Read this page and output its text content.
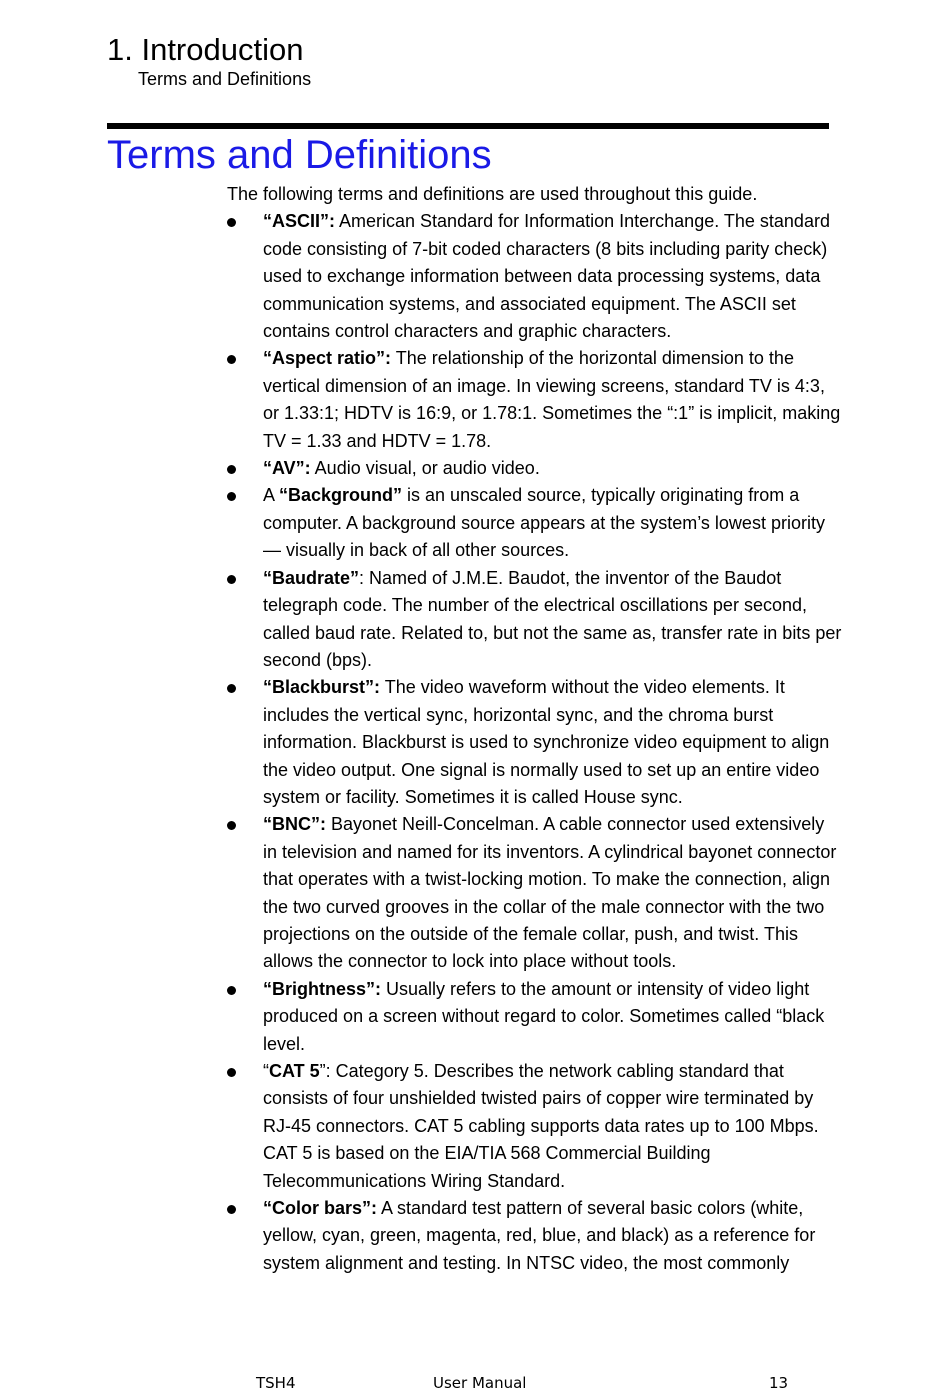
1. Introduction
Terms and Definitions
Terms and Definitions

The following terms and definitions are used throughout this guide.

“ASCII”: American Standard for Information Interchange. The standard code consisting of 7-bit coded characters (8 bits including parity check) used to exchange information between data processing systems, data communication systems, and associated equipment. The ASCII set contains control characters and graphic characters.
“Aspect ratio”: The relationship of the horizontal dimension to the vertical dimension of an image. In viewing screens, standard TV is 4:3, or 1.33:1; HDTV is 16:9, or 1.78:1. Sometimes the “:1” is implicit, making TV = 1.33 and HDTV = 1.78.
“AV”: Audio visual, or audio video.
A “Background” is an unscaled source, typically originating from a computer. A background source appears at the system’s lowest priority — visually in back of all other sources.
“Baudrate”: Named of J.M.E. Baudot, the inventor of the Baudot telegraph code. The number of the electrical oscillations per second, called baud rate. Related to, but not the same as, transfer rate in bits per second (bps).
“Blackburst”: The video waveform without the video elements. It includes the vertical sync, horizontal sync, and the chroma burst information. Blackburst is used to synchronize video equipment to align the video output. One signal is normally used to set up an entire video system or facility. Sometimes it is called House sync.
“BNC”: Bayonet Neill-Concelman. A cable connector used extensively in television and named for its inventors. A cylindrical bayonet connector that operates with a twist-locking motion. To make the connection, align the two curved grooves in the collar of the male connector with the two projections on the outside of the female collar, push, and twist. This allows the connector to lock into place without tools.
“Brightness”: Usually refers to the amount or intensity of video light produced on a screen without regard to color. Sometimes called “black level.
“CAT 5”: Category 5. Describes the network cabling standard that consists of four unshielded twisted pairs of copper wire terminated by RJ-45 connectors. CAT 5 cabling supports data rates up to 100 Mbps. CAT 5 is based on the EIA/TIA 568 Commercial Building Telecommunications Wiring Standard.
“Color bars”: A standard test pattern of several basic colors (white, yellow, cyan, green, magenta, red, blue, and black) as a reference for system alignment and testing. In NTSC video, the most commonly
TSH4	User Manual	13
